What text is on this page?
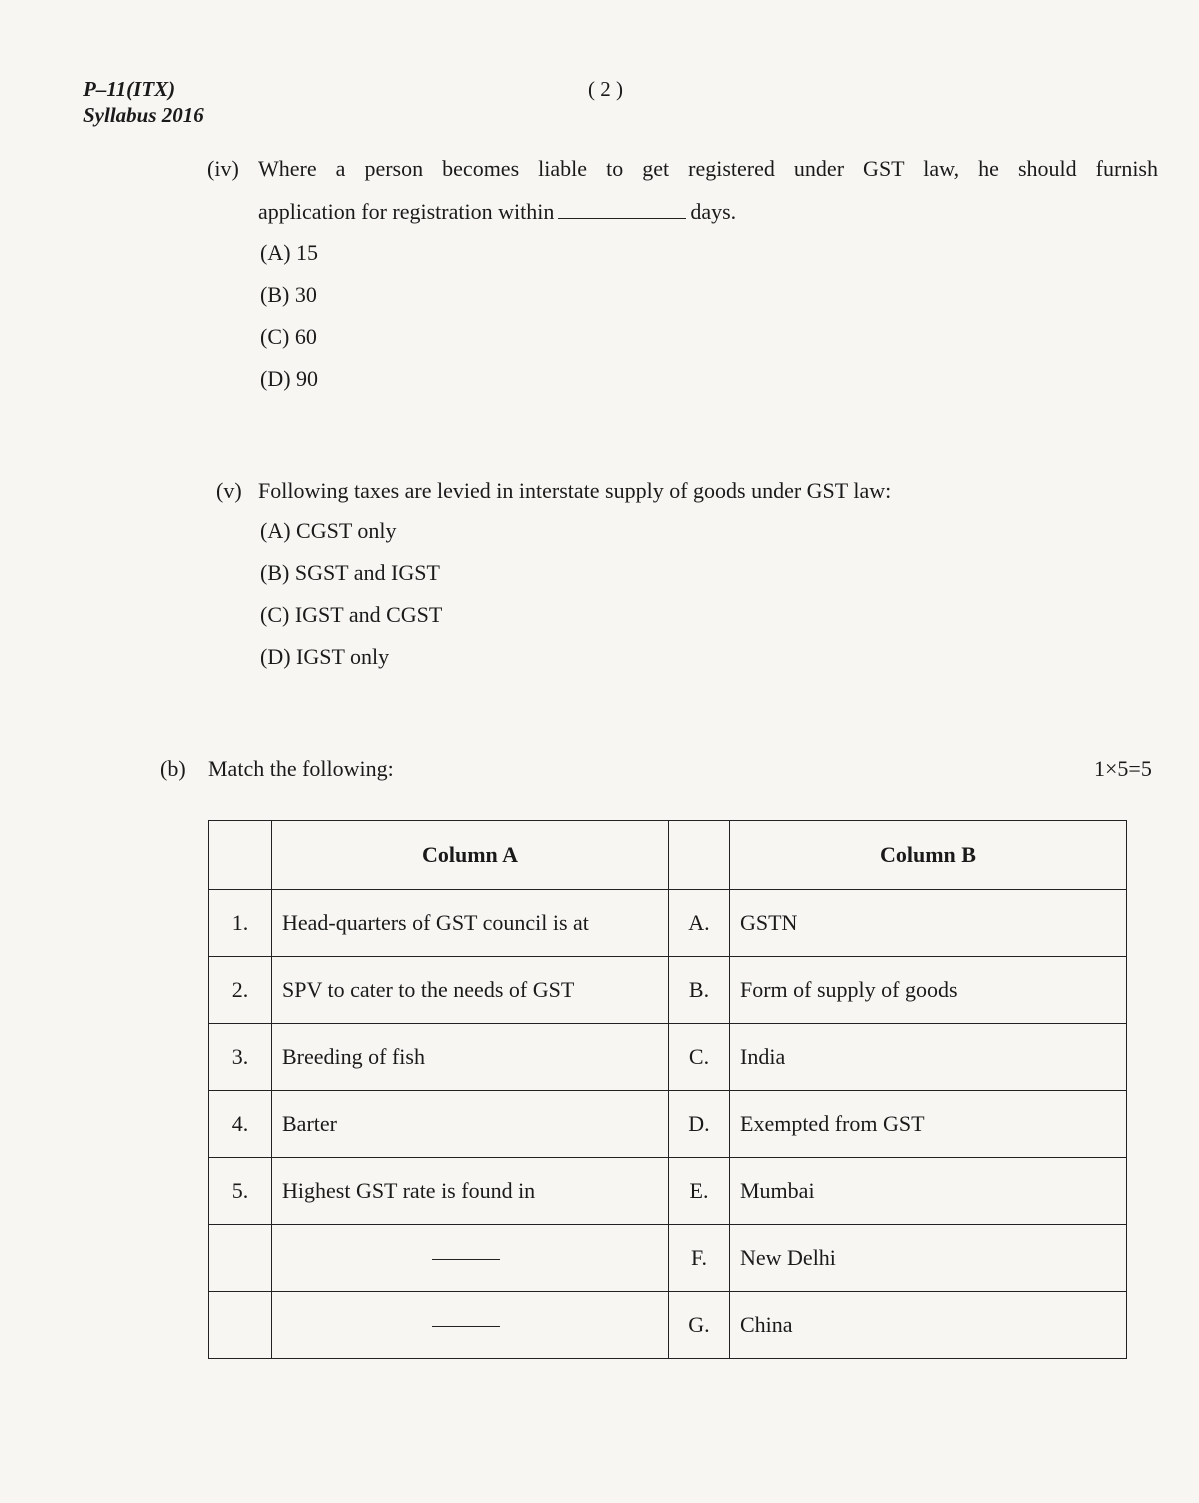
P–11(ITX)
Syllabus 2016
( 2 )
(iv) Where a person becomes liable to get registered under GST law, he should furnish
application for registration within	days.
(A) 15
(B) 30
(C) 60
(D) 90
(v) Following taxes are levied in interstate supply of goods under GST law:
(A) CGST only
(B) SGST and IGST
(C) IGST and CGST
(D) IGST only
(b) Match the following:	1×5=5
	Column A		Column B
1.	Head-quarters of GST council is at	A.	GSTN
2.	SPV to cater to the needs of GST	B.	Form of supply of goods
3.	Breeding of fish	C.	India
4.	Barter	D.	Exempted from GST
5.	Highest GST rate is found in	E.	Mumbai
		F.	New Delhi
		G.	China
